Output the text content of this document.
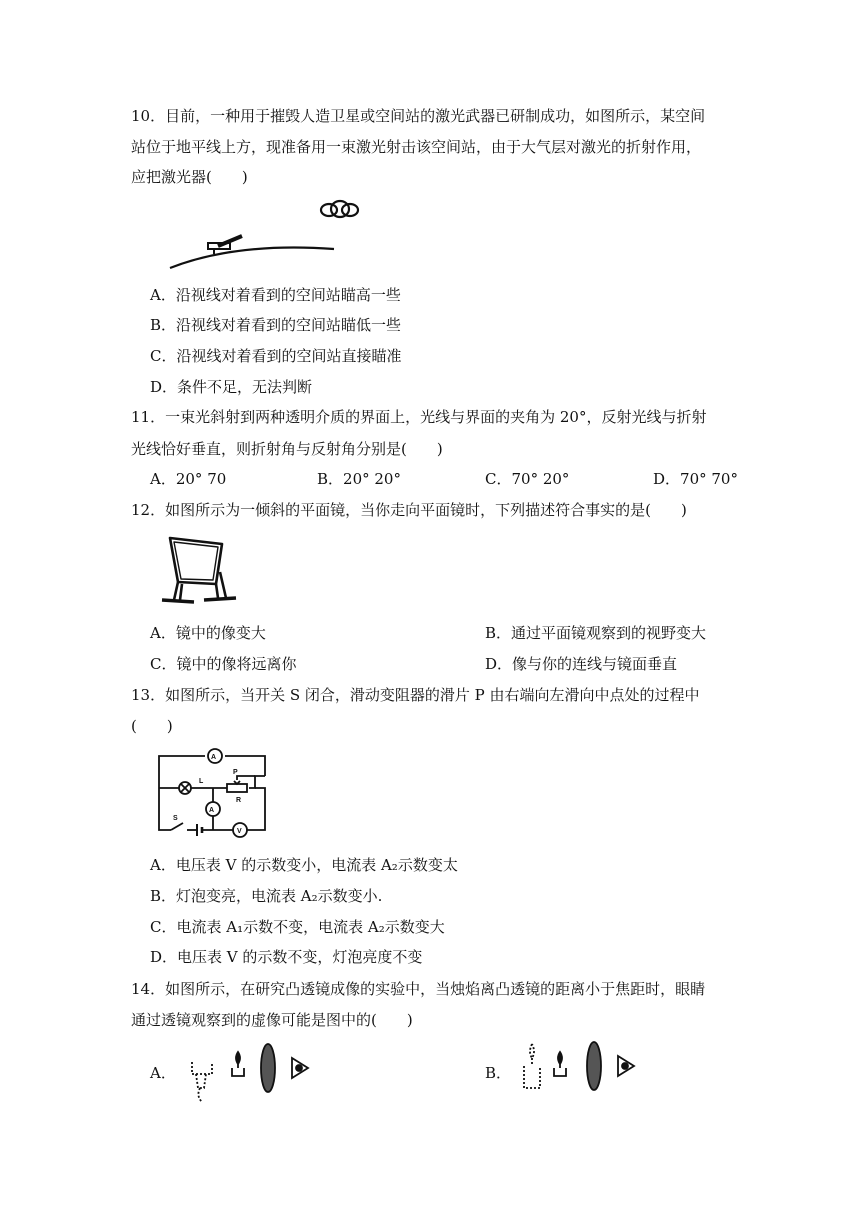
10．目前，一种用于摧毁人造卫星或空间站的激光武器已研制成功，如图所示，某空间
站位于地平线上方，现准备用一束激光射击该空间站，由于大气层对激光的折射作用，
应把激光器(　　)
A．沿视线对着看到的空间站瞄高一些
B．沿视线对着看到的空间站瞄低一些
C．沿视线对着看到的空间站直接瞄准
D．条件不足，无法判断
11．一束光斜射到两种透明介质的界面上，光线与界面的夹角为 20°，反射光线与折射
光线恰好垂直，则折射角与反射角分别是(　　)
A．20° 70	B．20° 20°	C．70° 20°	D．70° 70°
12．如图所示为一倾斜的平面镜，当你走向平面镜时，下列描述符合事实的是(　　)
A．镜中的像变大	B．通过平面镜观察到的视野变大
C．镜中的像将远离你	D．像与你的连线与镜面垂直
13．如图所示，当开关 S 闭合，滑动变阻器的滑片 P 由右端向左滑向中点处的过程中
(　　)
A
A
V
L
P
R
S
A．电压表 V 的示数变小，电流表 A₂示数变太
B．灯泡变亮，电流表 A₂示数变小.
C．电流表 A₁示数不变，电流表 A₂示数变大
D．电压表 V 的示数不变，灯泡亮度不变
14．如图所示，在研究凸透镜成像的实验中，当烛焰离凸透镜的距离小于焦距时，眼睛
通过透镜观察到的虚像可能是图中的(　　)
A．	B．
